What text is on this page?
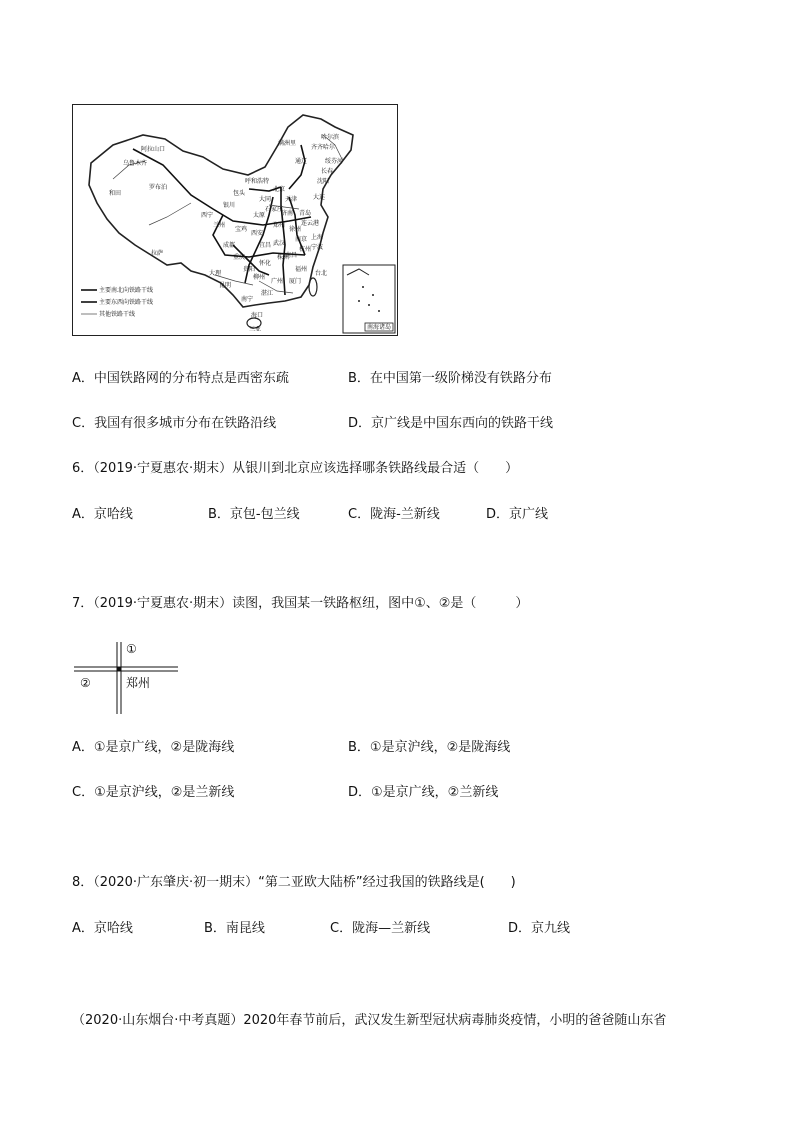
哈尔滨
满洲里
齐齐哈尔
绥芬河
长春
通辽
沈阳
呼和浩特
北京
大连
阿拉山口
乌鲁木齐
包头
大同 天津
银川
石家庄
太原	济南 青岛
西宁
兰州	郑州
徐州
连云港
罗布泊
和田
宝鸡
西安
南京 上海
宁波
成都
重庆
宜昌 武汉
株洲
杭州
拉萨
贵阳
怀化
南昌
福州
台北
大理
昆明
柳州
广州 厦门
湛江
南宁
海口
三亚
主要南北向铁路干线
主要东西向铁路干线
其他铁路干线
南海诸岛
A．中国铁路网的分布特点是西密东疏	B．在中国第一级阶梯没有铁路分布
C．我国有很多城市分布在铁路沿线	D．京广线是中国东西向的铁路干线
6．（2019·宁夏惠农·期末）从银川到北京应该选择哪条铁路线最合适（　　）
A．京哈线	B．京包-包兰线	C．陇海-兰新线	D．京广线
7．（2019·宁夏惠农·期末）读图，我国某一铁路枢纽，图中①、②是（　　　）
①
②	郑州
A．①是京广线，②是陇海线	B．①是京沪线，②是陇海线
C．①是京沪线，②是兰新线	D．①是京广线，②兰新线
8．（2020·广东肇庆·初一期末）“第二亚欧大陆桥”经过我国的铁路线是(　　)
A．京哈线	B．南昆线	C．陇海—兰新线	D．京九线
（2020·山东烟台·中考真题）2020年春节前后，武汉发生新型冠状病毒肺炎疫情，小明的爸爸随山东省
